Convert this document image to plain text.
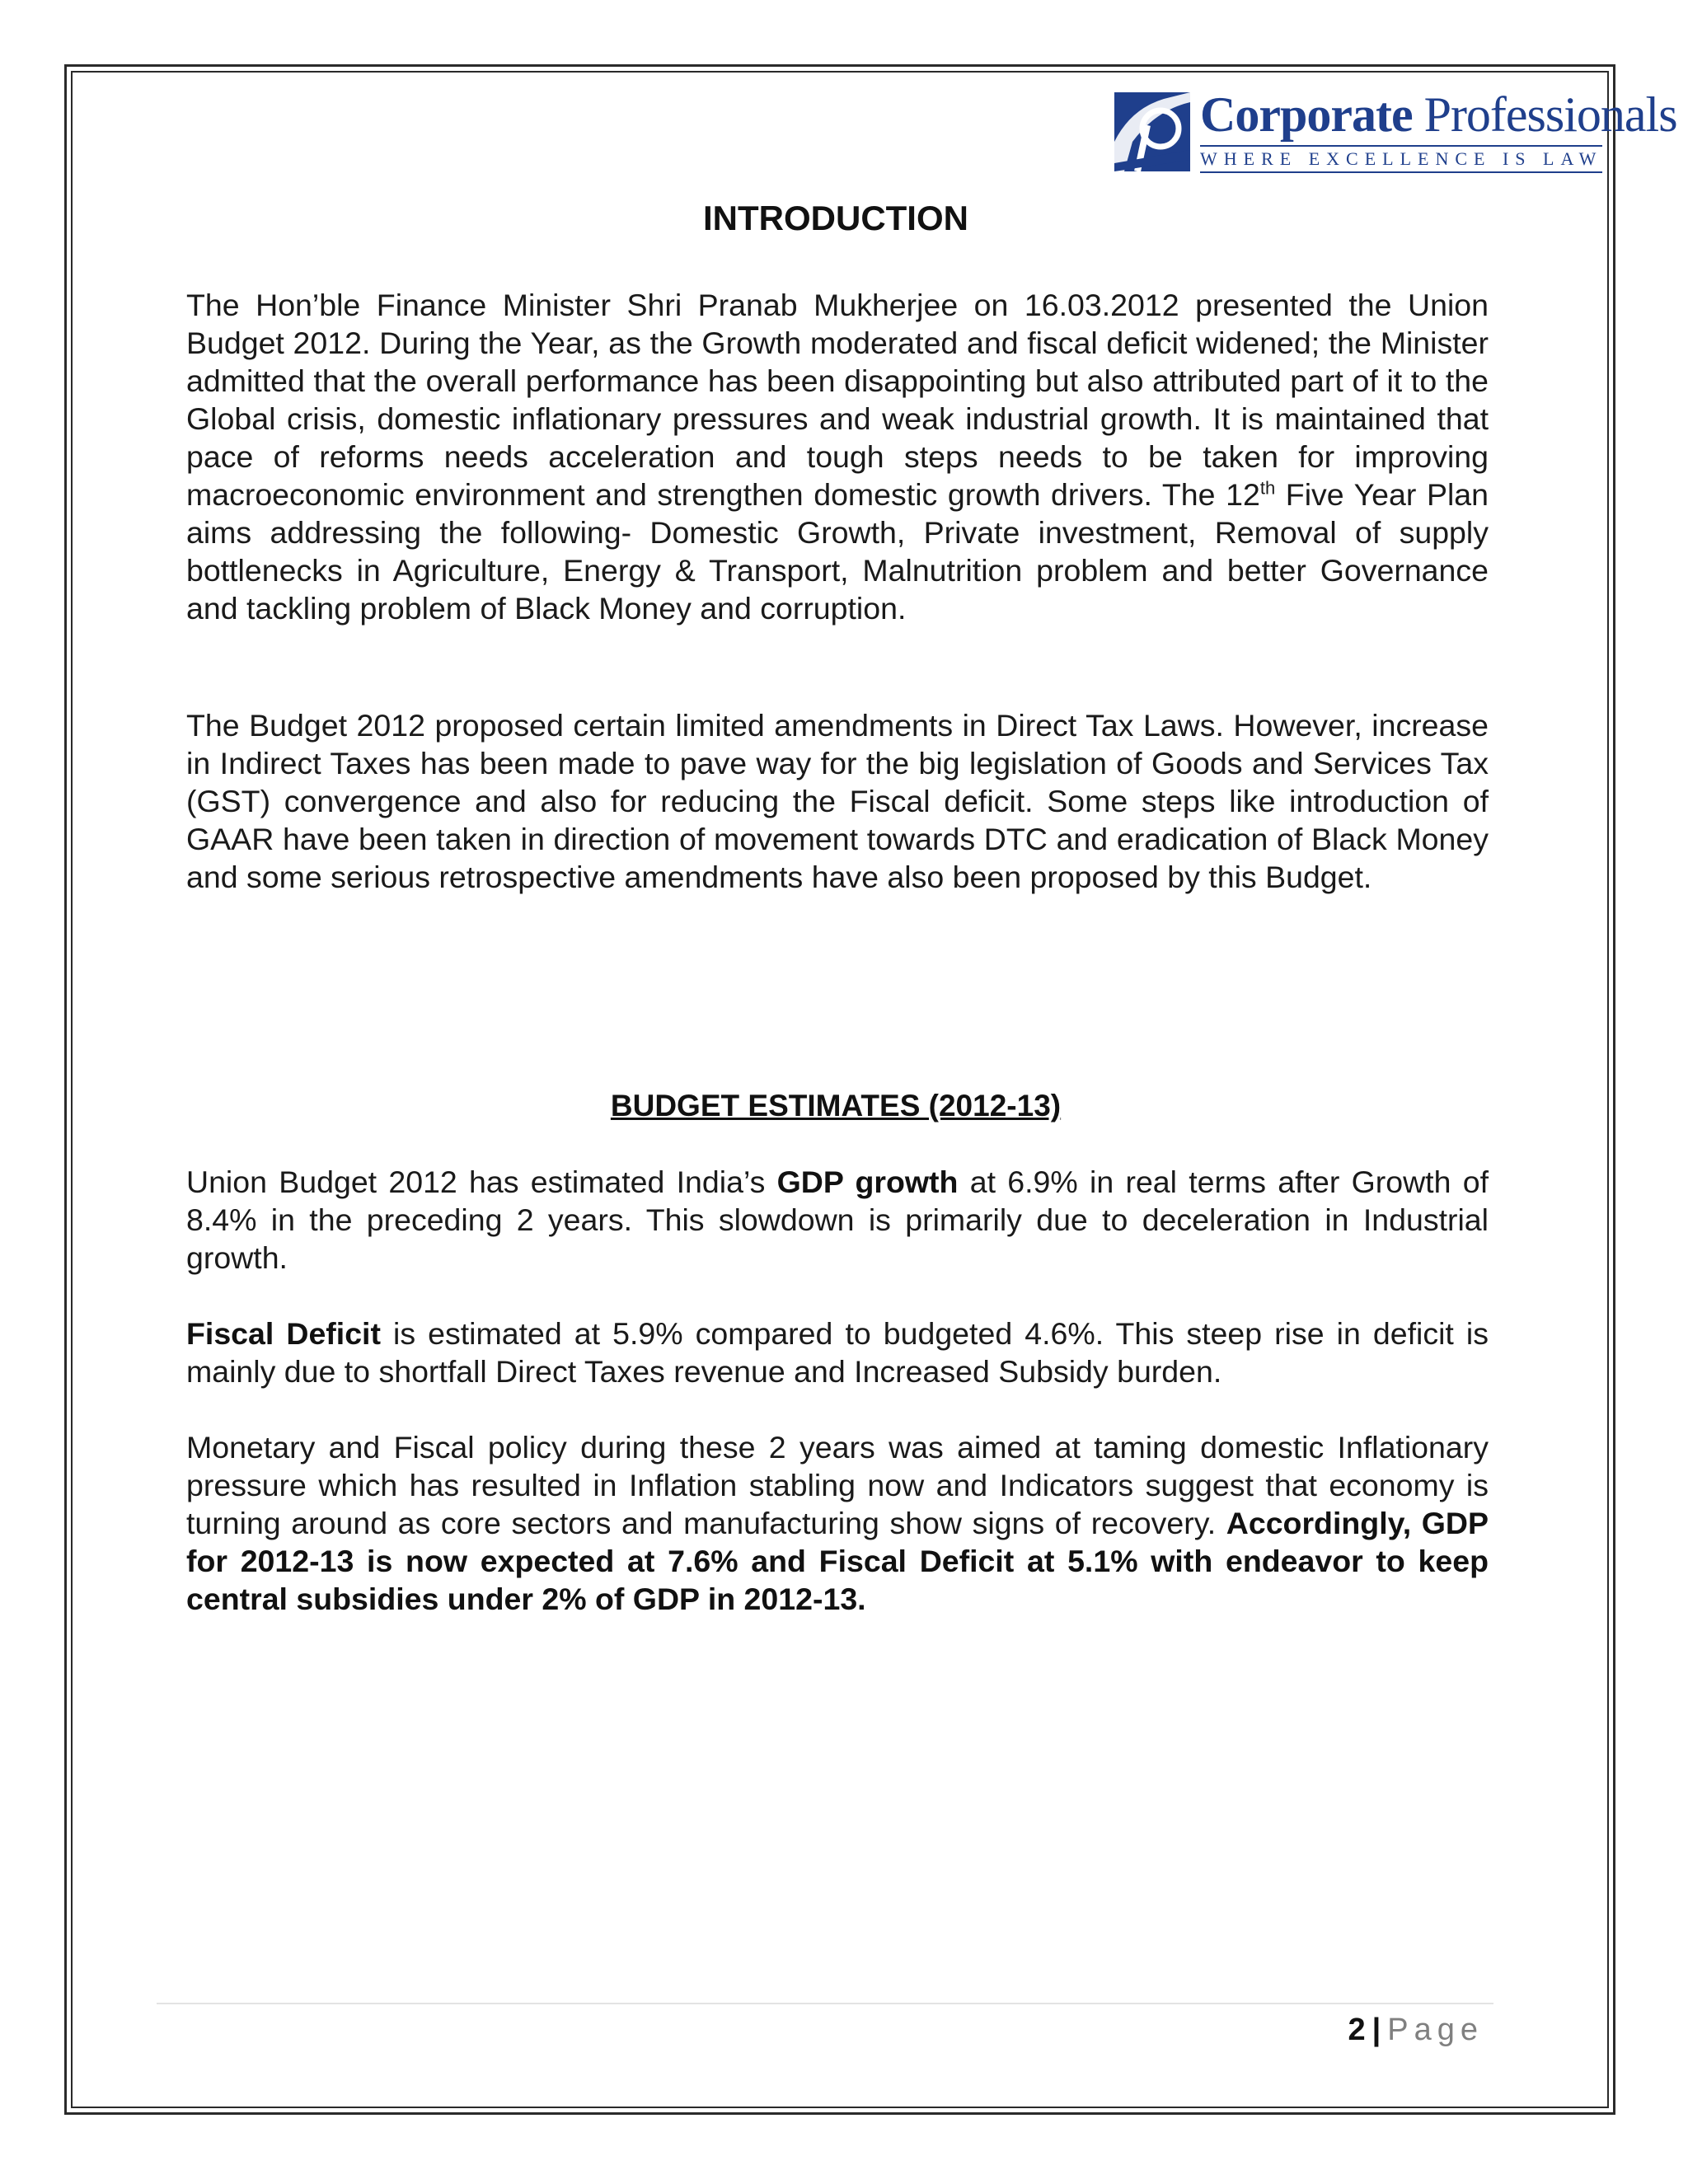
Corporate Professionals
WHERE EXCELLENCE IS LAW
INTRODUCTION
The Hon’ble Finance Minister Shri Pranab Mukherjee on 16.03.2012 presented the Union Budget 2012. During the Year, as the Growth moderated and fiscal deficit widened; the Minister admitted that the overall performance has been disappointing but also attributed part of it to the Global crisis, domestic inflationary pressures and weak industrial growth. It is maintained that pace of reforms needs acceleration and tough steps needs to be taken for improving macroeconomic environment and strengthen domestic growth drivers. The 12th Five Year Plan aims addressing the following- Domestic Growth, Private investment, Removal of supply bottlenecks in Agriculture, Energy & Transport, Malnutrition problem and better Governance and tackling problem of Black Money and corruption.
The Budget 2012 proposed certain limited amendments in Direct Tax Laws. However, increase in Indirect Taxes has been made to pave way for the big legislation of Goods and Services Tax (GST) convergence and also for reducing the Fiscal deficit. Some steps like introduction of GAAR have been taken in direction of movement towards DTC and eradication of Black Money and some serious retrospective amendments have also been proposed by this Budget.
BUDGET ESTIMATES (2012-13)
Union Budget 2012 has estimated India’s GDP growth at 6.9% in real terms after Growth of 8.4% in the preceding 2 years. This slowdown is primarily due to deceleration in Industrial growth.
Fiscal Deficit is estimated at 5.9% compared to budgeted 4.6%. This steep rise in deficit is mainly due to shortfall Direct Taxes revenue and Increased Subsidy burden.
Monetary and Fiscal policy during these 2 years was aimed at taming domestic Inflationary pressure which has resulted in Inflation stabling now and Indicators suggest that economy is turning around as core sectors and manufacturing show signs of recovery. Accordingly, GDP for 2012-13 is now expected at 7.6% and Fiscal Deficit at 5.1% with endeavor to keep central subsidies under 2% of GDP in 2012-13.
2 | Page
